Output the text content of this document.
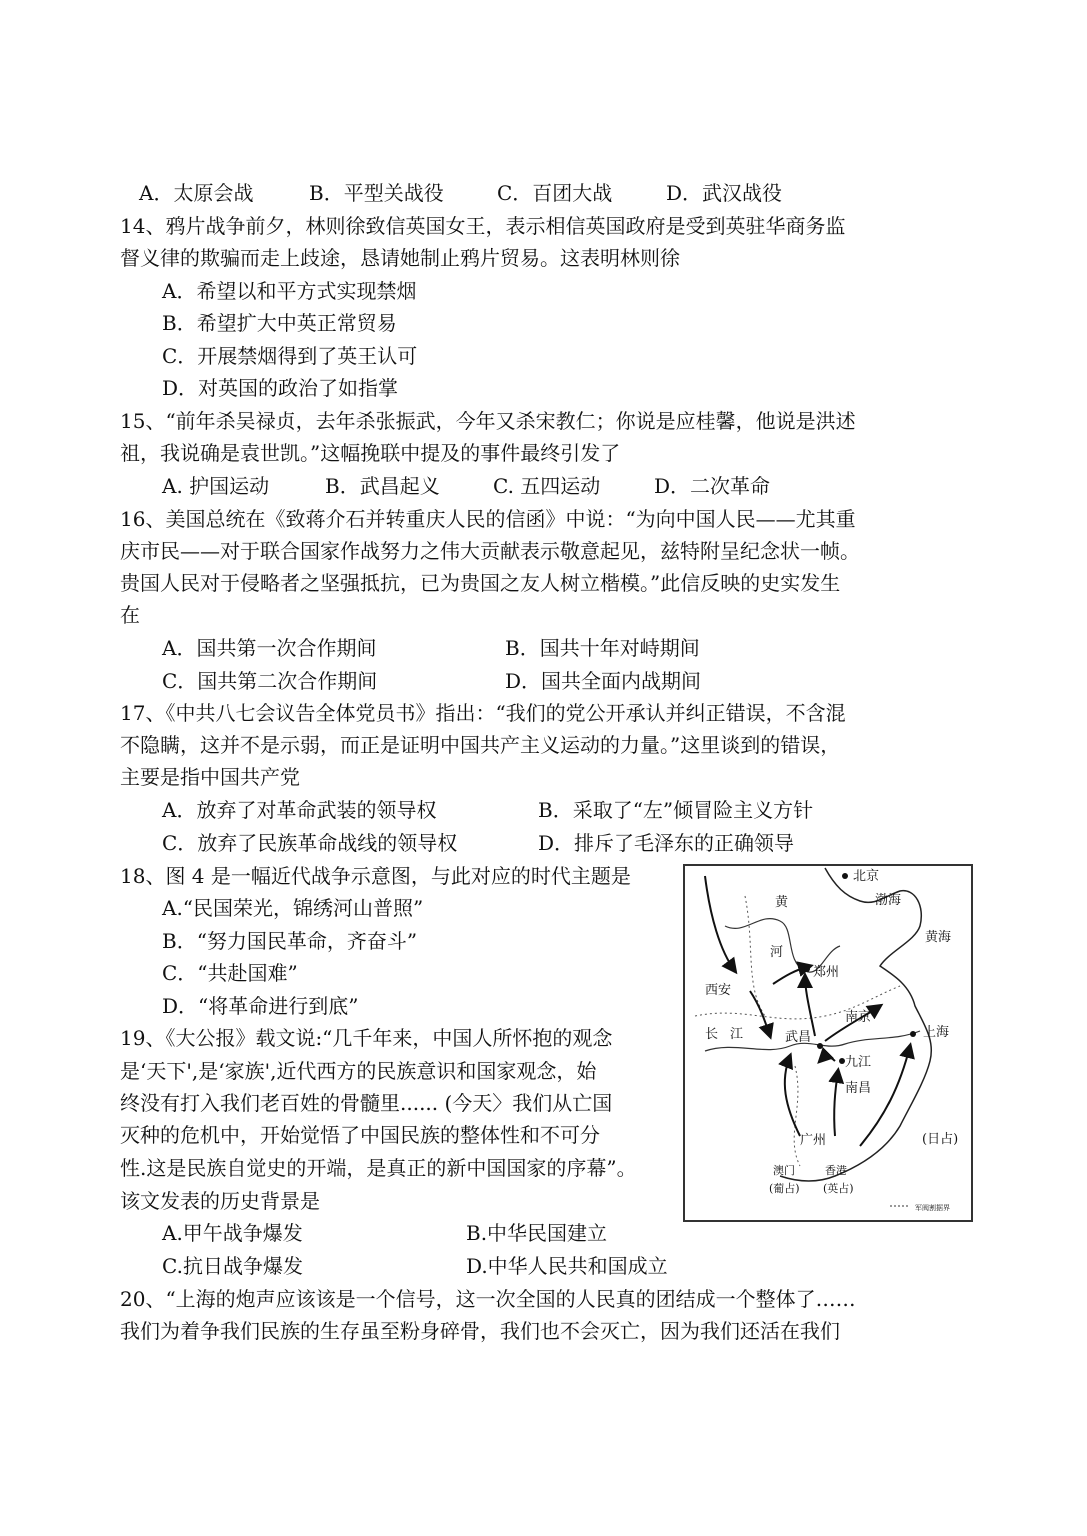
A．太原会战	B．平型关战役	C．百团大战	D．武汉战役
14、鸦片战争前夕，林则徐致信英国女王，表示相信英国政府是受到英驻华商务监
督义律的欺骗而走上歧途，恳请她制止鸦片贸易。这表明林则徐
A．希望以和平方式实现禁烟
B．希望扩大中英正常贸易
C．开展禁烟得到了英王认可
D．对英国的政治了如指掌
15、“前年杀吴禄贞，去年杀张振武，今年又杀宋教仁；你说是应桂馨，他说是洪述
祖，我说确是袁世凯。”这幅挽联中提及的事件最终引发了
A. 护国运动	B．武昌起义	C. 五四运动	D．二次革命
16、美国总统在《致蒋介石并转重庆人民的信函》中说：“为向中国人民——尤其重
庆市民——对于联合国家作战努力之伟大贡献表示敬意起见，兹特附呈纪念状一帧。
贵国人民对于侵略者之坚强抵抗，已为贵国之友人树立楷模。”此信反映的史实发生
在
A．国共第一次合作期间	B．国共十年对峙期间
C．国共第二次合作期间	D．国共全面内战期间
17、《中共八七会议告全体党员书》指出：“我们的党公开承认并纠正错误，不含混
不隐瞒，这并不是示弱，而正是证明中国共产主义运动的力量。”这里谈到的错误，
主要是指中国共产党
A．放弃了对革命武装的领导权	B．采取了“左”倾冒险主义方针
C．放弃了民族革命战线的领导权	D．排斥了毛泽东的正确领导
18、图 4 是一幅近代战争示意图，与此对应的时代主题是
A.“民国荣光，锦绣河山普照”
B．“努力国民革命，齐奋斗”
C．“共赴国难”
D．“将革命进行到底”
19、《大公报》载文说:“几千年来，中国人所怀抱的观念
是‘天下',是‘家族',近代西方的民族意识和国家观念，始
终没有打入我们老百姓的骨髓里...... (今天〉我们从亡国
灭种的危机中，开始觉悟了中国民族的整体性和不可分
性.这是民族自觉史的开端，是真正的新中国国家的序幕”。
该文发表的历史背景是
A.甲午战争爆发	B.中华民国建立
C.抗日战争爆发	D.中华人民共和国成立
20、“上海的炮声应该该是一个信号，这一次全国的人民真的团结成一个整体了……
我们为着争我们民族的生存虽至粉身碎骨，我们也不会灭亡，因为我们还活在我们
北京
渤海
黄
河
黄海
郑州
西安
南京
长 江	武昌	上海
九江
南昌
广州	(日占)
澳门
(葡占)
香港
(英占)
军阀割据界
